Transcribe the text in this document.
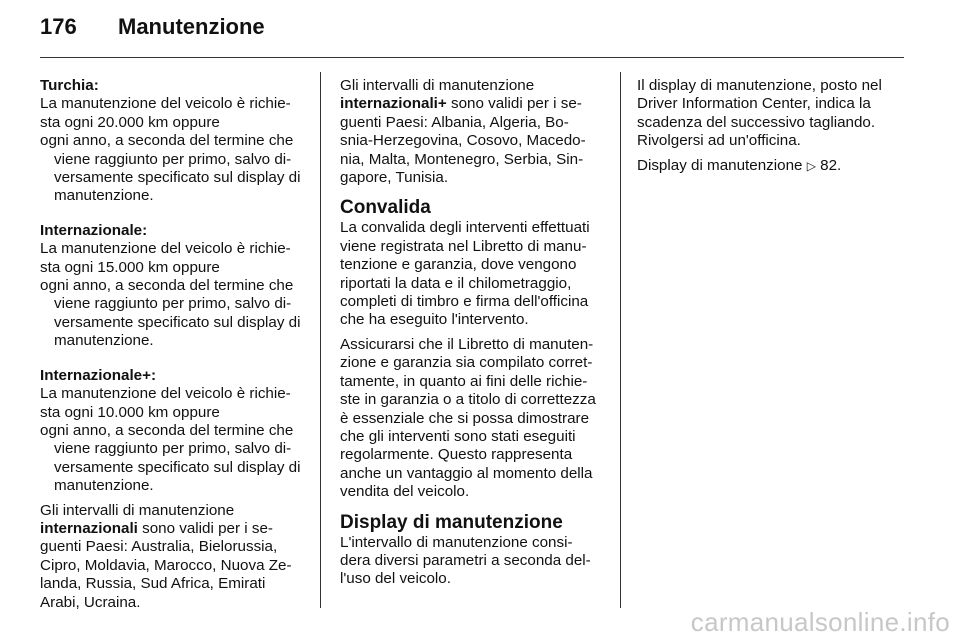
176	Manutenzione
Turchia:
La manutenzione del veicolo è richie-
sta ogni 20.000 km oppure
ogni anno, a seconda del termine che
viene raggiunto per primo, salvo di-
versamente specificato sul display di
manutenzione.
Internazionale:
La manutenzione del veicolo è richie-
sta ogni 15.000 km oppure
ogni anno, a seconda del termine che
viene raggiunto per primo, salvo di-
versamente specificato sul display di
manutenzione.
Internazionale+:
La manutenzione del veicolo è richie-
sta ogni 10.000 km oppure
ogni anno, a seconda del termine che
viene raggiunto per primo, salvo di-
versamente specificato sul display di
manutenzione.
Gli intervalli di manutenzione
internazionali sono validi per i se-
guenti Paesi: Australia, Bielorussia,
Cipro, Moldavia, Marocco, Nuova Ze-
landa, Russia, Sud Africa, Emirati
Arabi, Ucraina.
Gli intervalli di manutenzione
internazionali+ sono validi per i se-
guenti Paesi: Albania, Algeria, Bo-
snia-Herzegovina, Cosovo, Macedo-
nia, Malta, Montenegro, Serbia, Sin-
gapore, Tunisia.
Convalida
La convalida degli interventi effettuati
viene registrata nel Libretto di manu-
tenzione e garanzia, dove vengono
riportati la data e il chilometraggio,
completi di timbro e firma dell'officina
che ha eseguito l'intervento.
Assicurarsi che il Libretto di manuten-
zione e garanzia sia compilato corret-
tamente, in quanto ai fini delle richie-
ste in garanzia o a titolo di correttezza
è essenziale che si possa dimostrare
che gli interventi sono stati eseguiti
regolarmente. Questo rappresenta
anche un vantaggio al momento della
vendita del veicolo.
Display di manutenzione
L'intervallo di manutenzione consi-
dera diversi parametri a seconda del-
l'uso del veicolo.
Il display di manutenzione, posto nel
Driver Information Center, indica la
scadenza del successivo tagliando.
Rivolgersi ad un'officina.
Display di manutenzione ▷ 82.
carmanualsonline.info
